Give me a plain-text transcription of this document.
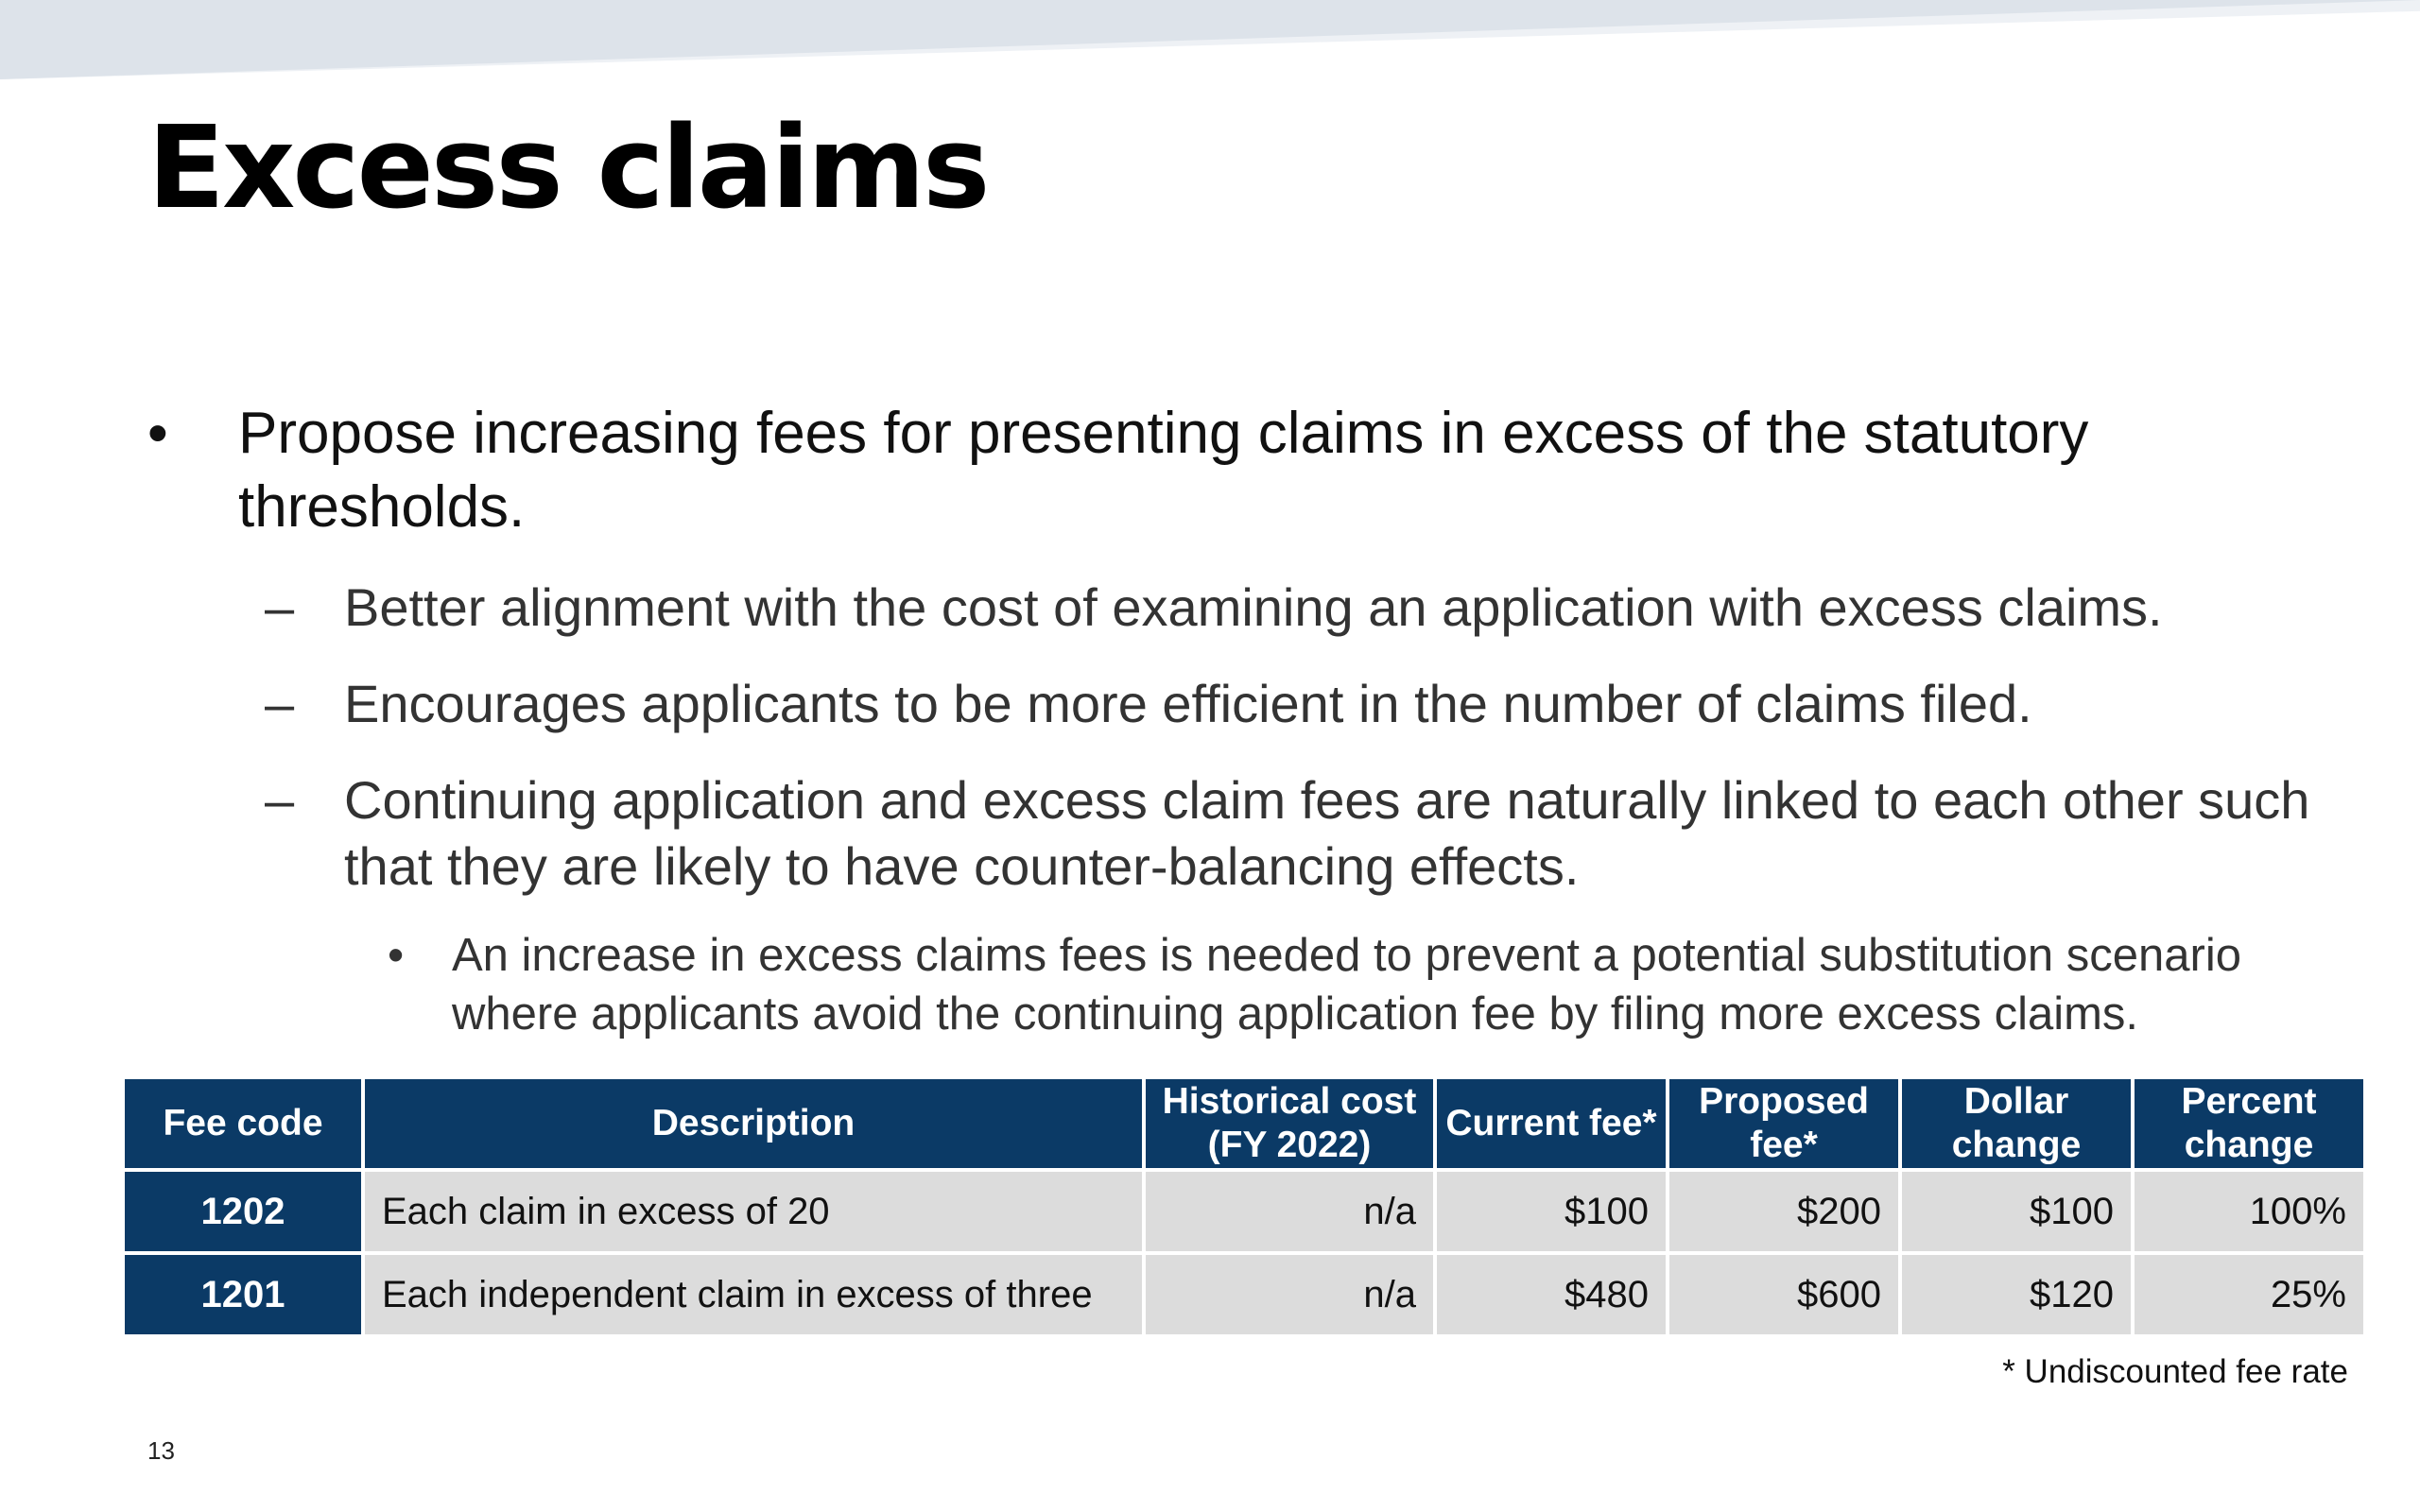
Excess claims
• Propose increasing fees for presenting claims in excess of the statutory thresholds.
– Better alignment with the cost of examining an application with excess claims.
– Encourages applicants to be more efficient in the number of claims filed.
– Continuing application and excess claim fees are naturally linked to each other such that they are likely to have counter-balancing effects.
• An increase in excess claims fees is needed to prevent a potential substitution scenario where applicants avoid the continuing application fee by filing more excess claims.
Fee code	Description	Historical cost (FY 2022)	Current fee*	Proposed fee*	Dollar change	Percent change
1202	Each claim in excess of 20	n/a	$100	$200	$100	100%
1201	Each independent claim in excess of three	n/a	$480	$600	$120	25%
* Undiscounted fee rate
13
